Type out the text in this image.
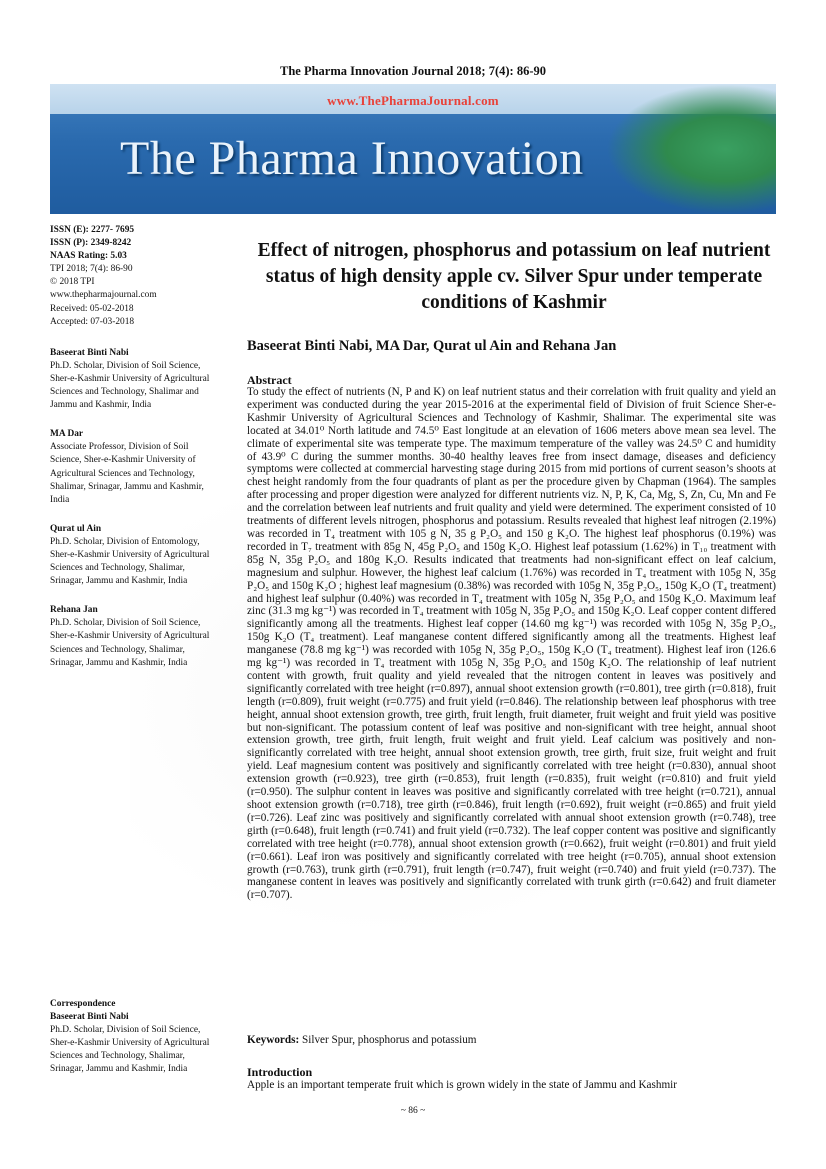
The Pharma Innovation Journal 2018; 7(4): 86-90
www.ThePharmaJournal.com
The Pharma Innovation
ISSN (E): 2277- 7695
ISSN (P): 2349-8242
NAAS Rating: 5.03
TPI 2018; 7(4): 86-90
© 2018 TPI
www.thepharmajournal.com
Received: 05-02-2018
Accepted: 07-03-2018
Baseerat Binti Nabi
Ph.D. Scholar, Division of Soil Science, Sher-e-Kashmir University of Agricultural Sciences and Technology, Shalimar and Jammu and Kashmir, India
MA Dar
Associate Professor, Division of Soil Science, Sher-e-Kashmir University of Agricultural Sciences and Technology, Shalimar, Srinagar, Jammu and Kashmir, India
Qurat ul Ain
Ph.D. Scholar, Division of Entomology, Sher-e-Kashmir University of Agricultural Sciences and Technology, Shalimar, Srinagar, Jammu and Kashmir, India
Rehana Jan
Ph.D. Scholar, Division of Soil Science, Sher-e-Kashmir University of Agricultural Sciences and Technology, Shalimar, Srinagar, Jammu and Kashmir, India
Correspondence
Baseerat Binti Nabi
Ph.D. Scholar, Division of Soil Science, Sher-e-Kashmir University of Agricultural Sciences and Technology, Shalimar, Srinagar, Jammu and Kashmir, India
Effect of nitrogen, phosphorus and potassium on leaf nutrient status of high density apple cv. Silver Spur under temperate conditions of Kashmir
Baseerat Binti Nabi, MA Dar, Qurat ul Ain and Rehana Jan
Abstract
To study the effect of nutrients (N, P and K) on leaf nutrient status and their correlation with fruit quality and yield an experiment was conducted during the year 2015-2016 at the experimental field of Division of fruit Science Sher-e-Kashmir University of Agricultural Sciences and Technology of Kashmir, Shalimar. The experimental site was located at 34.01⁰ North latitude and 74.5⁰ East longitude at an elevation of 1606 meters above mean sea level. The climate of experimental site was temperate type. The maximum temperature of the valley was 24.5⁰ C and humidity of 43.9⁰ C during the summer months. 30-40 healthy leaves free from insect damage, diseases and deficiency symptoms were collected at commercial harvesting stage during 2015 from mid portions of current season’s shoots at chest height randomly from the four quadrants of plant as per the procedure given by Chapman (1964). The samples after processing and proper digestion were analyzed for different nutrients viz. N, P, K, Ca, Mg, S, Zn, Cu, Mn and Fe and the correlation between leaf nutrients and fruit quality and yield were determined. The experiment consisted of 10 treatments of different levels nitrogen, phosphorus and potassium. Results revealed that highest leaf nitrogen (2.19%) was recorded in T₄ treatment with 105 g N, 35 g P₂O₅ and 150 g K₂O. The highest leaf phosphorus (0.19%) was recorded in T₇ treatment with 85g N, 45g P₂O₅ and 150g K₂O. Highest leaf potassium (1.62%) in T₁₀ treatment with 85g N, 35g P₂O₅ and 180g K₂O. Results indicated that treatments had non-significant effect on leaf calcium, magnesium and sulphur. However, the highest leaf calcium (1.76%) was recorded in T₄ treatment with 105g N, 35g P₂O₅ and 150g K₂O ; highest leaf magnesium (0.38%) was recorded with 105g N, 35g P₂O₅, 150g K₂O (T₄ treatment) and highest leaf sulphur (0.40%) was recorded in T₄ treatment with 105g N, 35g P₂O₅ and 150g K₂O. Maximum leaf zinc (31.3 mg kg⁻¹) was recorded in T₄ treatment with 105g N, 35g P₂O₅ and 150g K₂O. Leaf copper content differed significantly among all the treatments. Highest leaf copper (14.60 mg kg⁻¹) was recorded with 105g N, 35g P₂O₅, 150g K₂O (T₄ treatment). Leaf manganese content differed significantly among all the treatments. Highest leaf manganese (78.8 mg kg⁻¹) was recorded with 105g N, 35g P₂O₅, 150g K₂O (T₄ treatment). Highest leaf iron (126.6 mg kg⁻¹) was recorded in T₄ treatment with 105g N, 35g P₂O₅ and 150g K₂O. The relationship of leaf nutrient content with growth, fruit quality and yield revealed that the nitrogen content in leaves was positively and significantly correlated with tree height (r=0.897), annual shoot extension growth (r=0.801), tree girth (r=0.818), fruit length (r=0.809), fruit weight (r=0.775) and fruit yield (r=0.846). The relationship between leaf phosphorus with tree height, annual shoot extension growth, tree girth, fruit length, fruit diameter, fruit weight and fruit yield was positive but non-significant. The potassium content of leaf was positive and non-significant with tree height, annual shoot extension growth, tree girth, fruit length, fruit weight and fruit yield. Leaf calcium was positively and non-significantly correlated with tree height, annual shoot extension growth, tree girth, fruit size, fruit weight and fruit yield. Leaf magnesium content was positively and significantly correlated with tree height (r=0.830), annual shoot extension growth (r=0.923), tree girth (r=0.853), fruit length (r=0.835), fruit weight (r=0.810) and fruit yield (r=0.950). The sulphur content in leaves was positive and significantly correlated with tree height (r=0.721), annual shoot extension growth (r=0.718), tree girth (r=0.846), fruit length (r=0.692), fruit weight (r=0.865) and fruit yield (r=0.726). Leaf zinc was positively and significantly correlated with annual shoot extension growth (r=0.748), tree girth (r=0.648), fruit length (r=0.741) and fruit yield (r=0.732). The leaf copper content was positive and significantly correlated with tree height (r=0.778), annual shoot extension growth (r=0.662), fruit weight (r=0.801) and fruit yield (r=0.661). Leaf iron was positively and significantly correlated with tree height (r=0.705), annual shoot extension growth (r=0.763), trunk girth (r=0.791), fruit length (r=0.747), fruit weight (r=0.740) and fruit yield (r=0.737). The manganese content in leaves was positively and significantly correlated with trunk girth (r=0.642) and fruit diameter (r=0.707).
Keywords: Silver Spur, phosphorus and potassium
Introduction
Apple is an important temperate fruit which is grown widely in the state of Jammu and Kashmir
~ 86 ~
